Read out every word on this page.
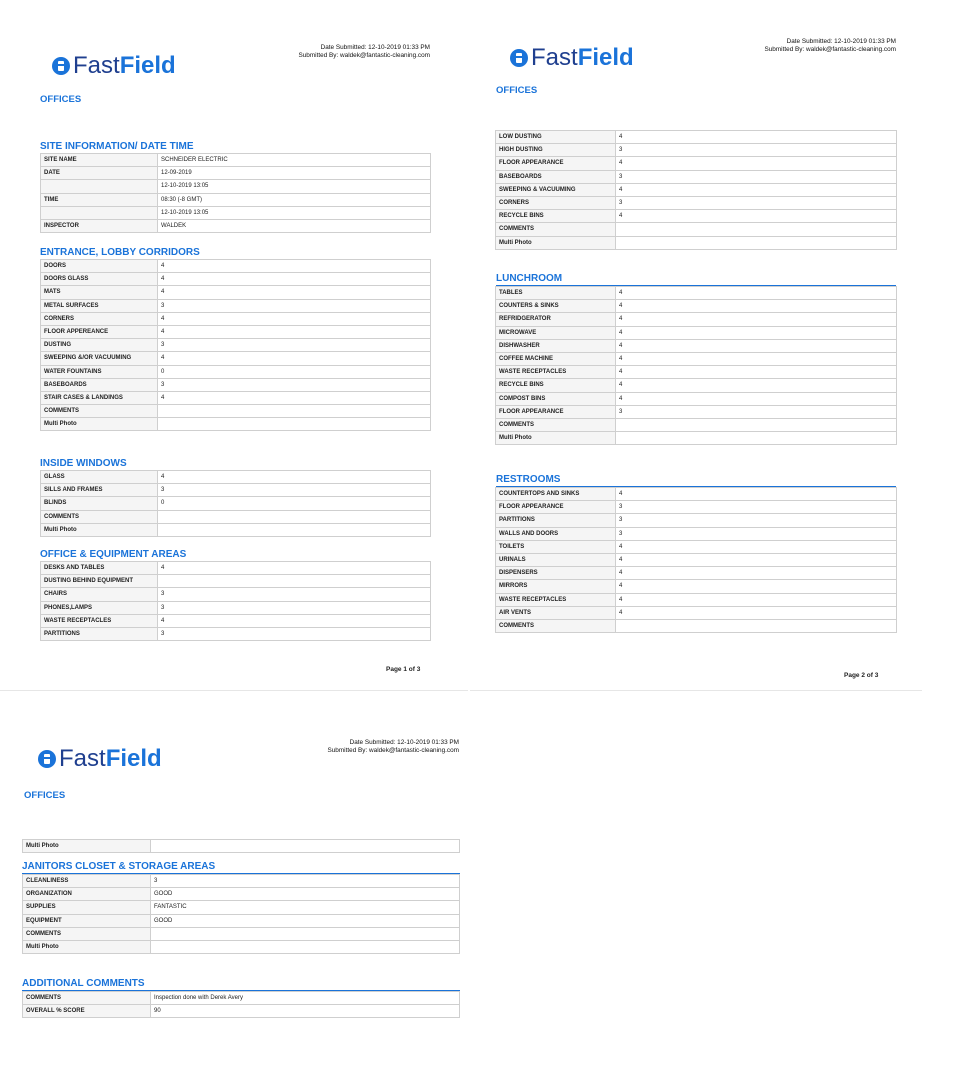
FastField
Date Submitted: 12-10-2019 01:33 PM
Submitted By: waldek@fantastic-cleaning.com
OFFICES
SITE INFORMATION/ DATE TIME
SITE NAME	SCHNEIDER ELECTRIC
DATE	12-09-2019
	12-10-2019 13:05
TIME	08:30 (-8 GMT)
	12-10-2019 13:05
INSPECTOR	WALDEK
ENTRANCE, LOBBY CORRIDORS
DOORS	4
DOORS GLASS	4
MATS	4
METAL SURFACES	3
CORNERS	4
FLOOR APPEREANCE	4
DUSTING	3
SWEEPING &/OR VACUUMING	4
WATER FOUNTAINS	0
BASEBOARDS	3
STAIR CASES & LANDINGS	4
COMMENTS	
Multi Photo	
INSIDE WINDOWS
GLASS	4
SILLS AND FRAMES	3
BLINDS	0
COMMENTS	
Multi Photo	
OFFICE & EQUIPMENT AREAS
DESKS AND TABLES	4
DUSTING BEHIND EQUIPMENT	
CHAIRS	3
PHONES,LAMPS	3
WASTE RECEPTACLES	4
PARTITIONS	3
Page 1 of 3
FastField
Date Submitted: 12-10-2019 01:33 PM
Submitted By: waldek@fantastic-cleaning.com
OFFICES
LOW DUSTING	4
HIGH DUSTING	3
FLOOR APPEARANCE	4
BASEBOARDS	3
SWEEPING & VACUUMING	4
CORNERS	3
RECYCLE BINS	4
COMMENTS	
Multi Photo	
LUNCHROOM
TABLES	4
COUNTERS & SINKS	4
REFRIDGERATOR	4
MICROWAVE	4
DISHWASHER	4
COFFEE MACHINE	4
WASTE RECEPTACLES	4
RECYCLE BINS	4
COMPOST BINS	4
FLOOR APPEARANCE	3
COMMENTS	
Multi Photo	
RESTROOMS
COUNTERTOPS AND SINKS	4
FLOOR APPEARANCE	3
PARTITIONS	3
WALLS AND DOORS	3
TOILETS	4
URINALS	4
DISPENSERS	4
MIRRORS	4
WASTE RECEPTACLES	4
AIR VENTS	4
COMMENTS	
Page 2 of 3
FastField
Date Submitted: 12-10-2019 01:33 PM
Submitted By: waldek@fantastic-cleaning.com
OFFICES
Multi Photo	
JANITORS CLOSET & STORAGE AREAS
CLEANLINESS	3
ORGANIZATION	GOOD
SUPPLIES	FANTASTIC
EQUIPMENT	GOOD
COMMENTS	
Multi Photo	
ADDITIONAL COMMENTS
COMMENTS	Inspection done with Derek Avery
OVERALL % SCORE	90
